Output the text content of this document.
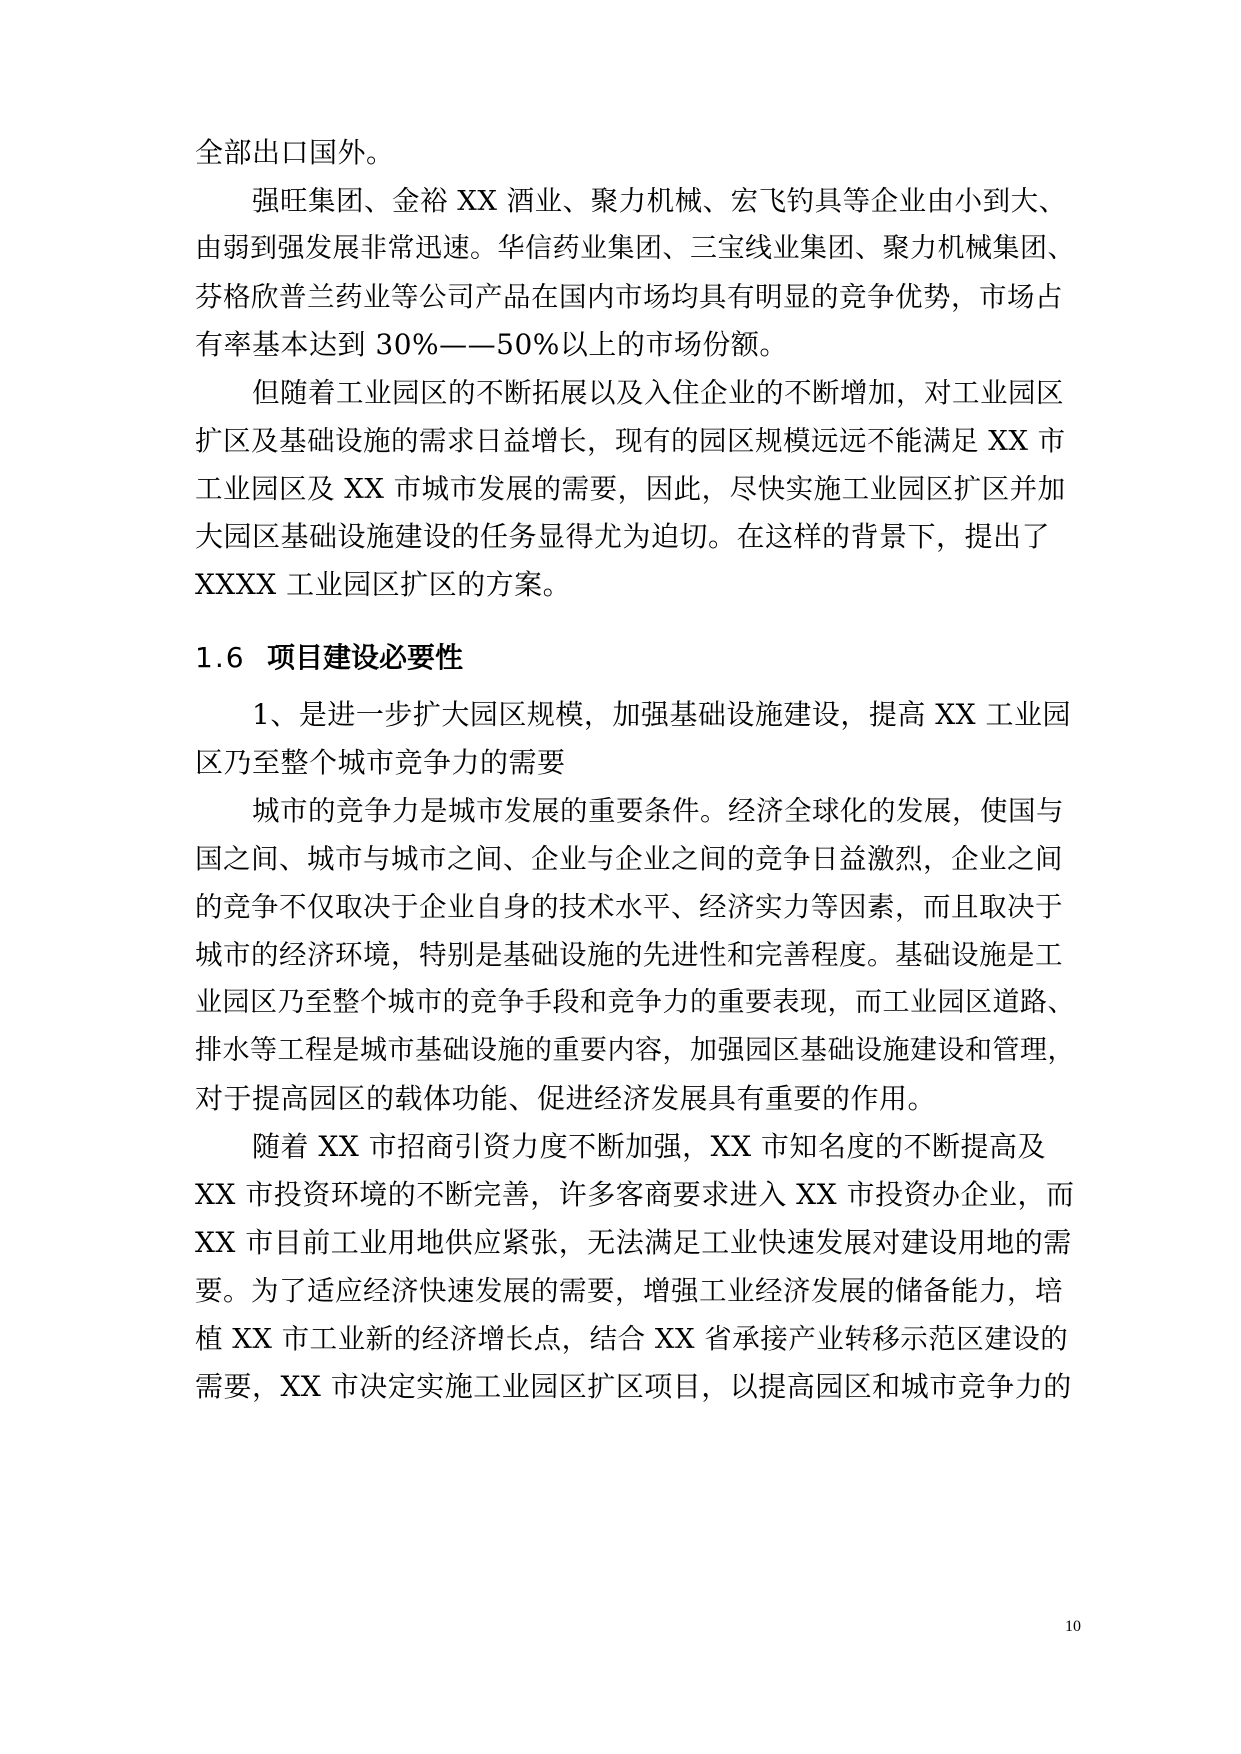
全部出口国外。
强旺集团、金裕 XX 酒业、聚力机械、宏飞钓具等企业由小到大、
由弱到强发展非常迅速。华信药业集团、三宝线业集团、聚力机械集团、
芬格欣普兰药业等公司产品在国内市场均具有明显的竞争优势，市场占
有率基本达到 30%——50%以上的市场份额。
但随着工业园区的不断拓展以及入住企业的不断增加，对工业园区
扩区及基础设施的需求日益增长，现有的园区规模远远不能满足 XX 市
工业园区及 XX 市城市发展的需要，因此，尽快实施工业园区扩区并加
大园区基础设施建设的任务显得尤为迫切。在这样的背景下，提出了
XXXX 工业园区扩区的方案。
1.6 项目建设必要性
1、是进一步扩大园区规模，加强基础设施建设，提高 XX 工业园
区乃至整个城市竞争力的需要
城市的竞争力是城市发展的重要条件。经济全球化的发展，使国与
国之间、城市与城市之间、企业与企业之间的竞争日益激烈，企业之间
的竞争不仅取决于企业自身的技术水平、经济实力等因素，而且取决于
城市的经济环境，特别是基础设施的先进性和完善程度。基础设施是工
业园区乃至整个城市的竞争手段和竞争力的重要表现，而工业园区道路、
排水等工程是城市基础设施的重要内容，加强园区基础设施建设和管理，
对于提高园区的载体功能、促进经济发展具有重要的作用。
随着 XX 市招商引资力度不断加强，XX 市知名度的不断提高及
XX 市投资环境的不断完善，许多客商要求进入 XX 市投资办企业，而
XX 市目前工业用地供应紧张，无法满足工业快速发展对建设用地的需
要。为了适应经济快速发展的需要，增强工业经济发展的储备能力，培
植 XX 市工业新的经济增长点，结合 XX 省承接产业转移示范区建设的
需要，XX 市决定实施工业园区扩区项目，以提高园区和城市竞争力的
10
